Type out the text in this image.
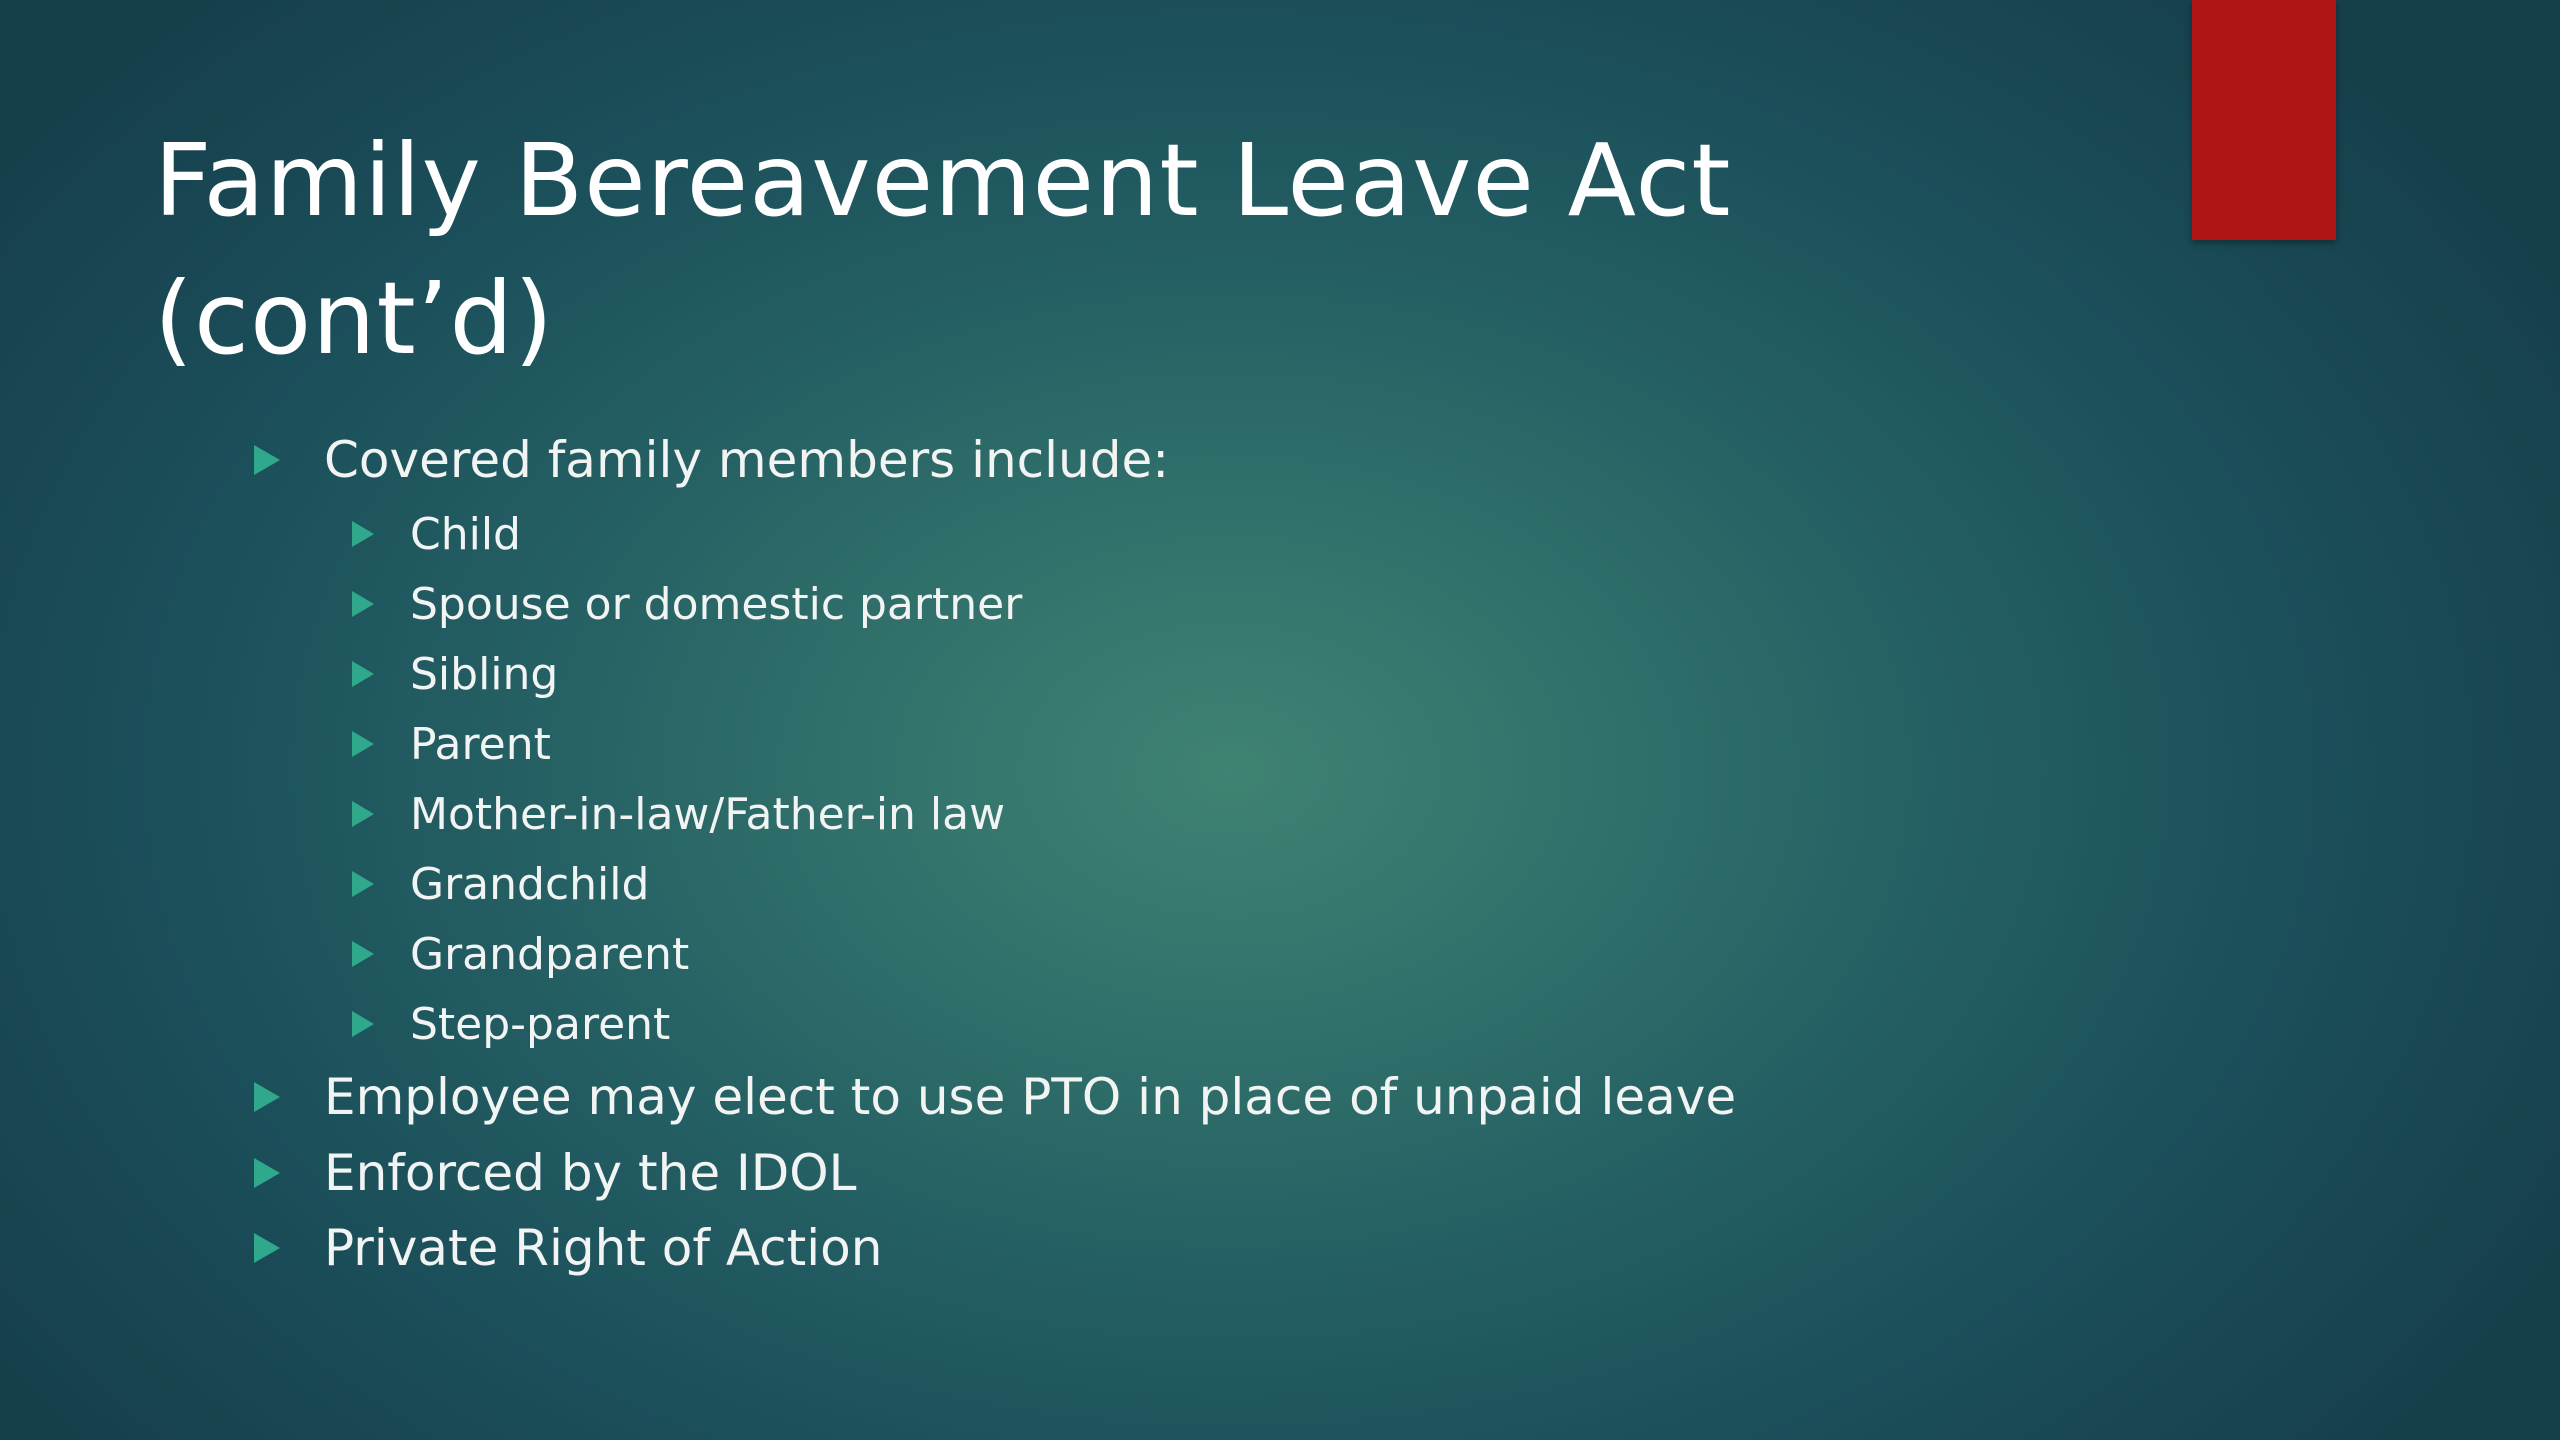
Family Bereavement Leave Act
(cont’d)
Covered family members include:
Child
Spouse or domestic partner
Sibling
Parent
Mother-in-law/Father-in law
Grandchild
Grandparent
Step-parent
Employee may elect to use PTO in place of unpaid leave
Enforced by the IDOL
Private Right of Action
